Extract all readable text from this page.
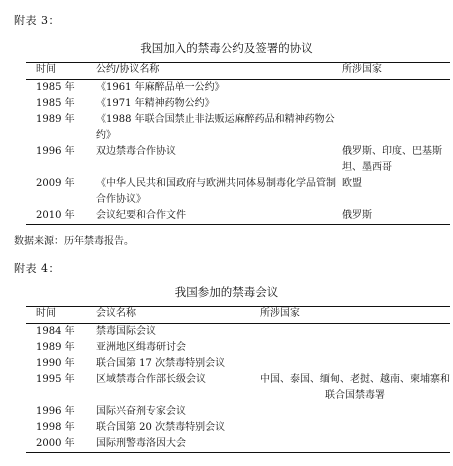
附表 3：
我国加入的禁毒公约及签署的协议
时间	公约/协议名称	所涉国家
1985 年	《1961 年麻醉品单一公约》	
1985 年	《1971 年精神药物公约》	
1989 年	《1988 年联合国禁止非法贩运麻醉药品和精神药物公约》	
1996 年	双边禁毒合作协议	俄罗斯、印度、巴基斯坦、墨西哥
2009 年	《中华人民共和国政府与欧洲共同体易制毒化学品管制合作协议》	欧盟
2010 年	会议纪要和合作文件	俄罗斯
数据来源：历年禁毒报告。
附表 4：
我国参加的禁毒会议
时间	会议名称	所涉国家
1984 年	禁毒国际会议	
1989 年	亚洲地区缉毒研讨会	
1990 年	联合国第 17 次禁毒特别会议	
1995 年	区域禁毒合作部长级会议	中国、泰国、缅甸、老挝、越南、柬埔寨和联合国禁毒署
1996 年	国际兴奋剂专家会议	
1998 年	联合国第 20 次禁毒特别会议	
2000 年	国际刑警毒洛因大会	
